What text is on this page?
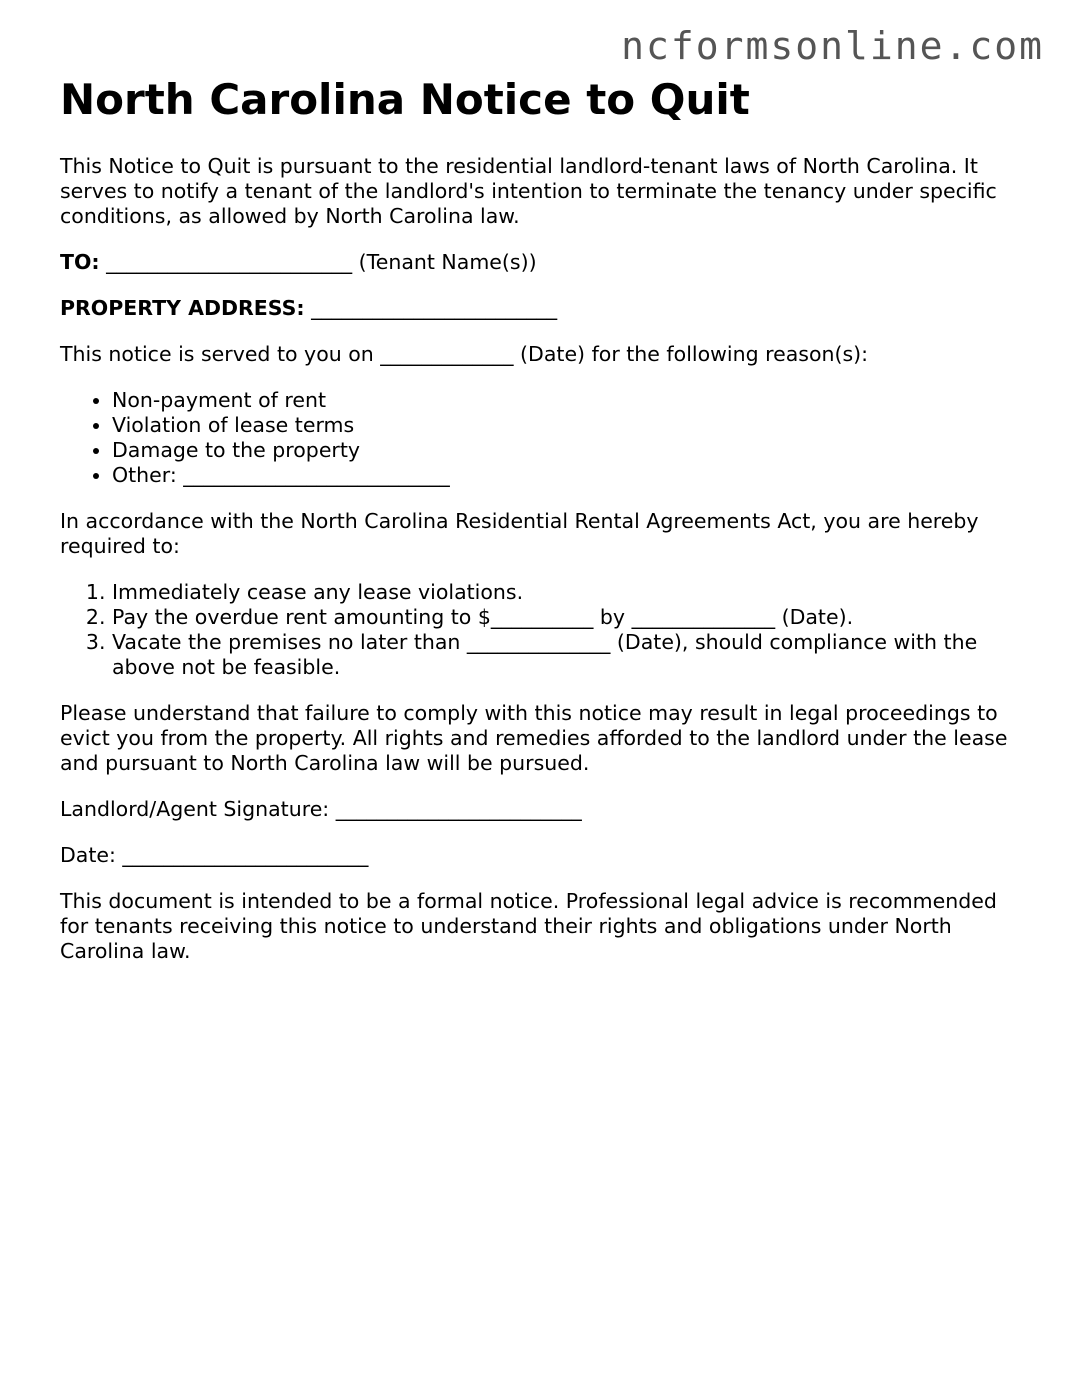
ncformsonline.com

North Carolina Notice to Quit

This Notice to Quit is pursuant to the residential landlord-tenant laws of North Carolina. It serves to notify a tenant of the landlord's intention to terminate the tenancy under specific conditions, as allowed by North Carolina law.

TO: ________________________ (Tenant Name(s))

PROPERTY ADDRESS: ________________________

This notice is served to you on _____________ (Date) for the following reason(s):

• Non-payment of rent
• Violation of lease terms
• Damage to the property
• Other: __________________________

In accordance with the North Carolina Residential Rental Agreements Act, you are hereby required to:

1. Immediately cease any lease violations.
2. Pay the overdue rent amounting to $__________ by ______________ (Date).
3. Vacate the premises no later than ______________ (Date), should compliance with the above not be feasible.

Please understand that failure to comply with this notice may result in legal proceedings to evict you from the property. All rights and remedies afforded to the landlord under the lease and pursuant to North Carolina law will be pursued.

Landlord/Agent Signature: ________________________

Date: ________________________

This document is intended to be a formal notice. Professional legal advice is recommended for tenants receiving this notice to understand their rights and obligations under North Carolina law.
